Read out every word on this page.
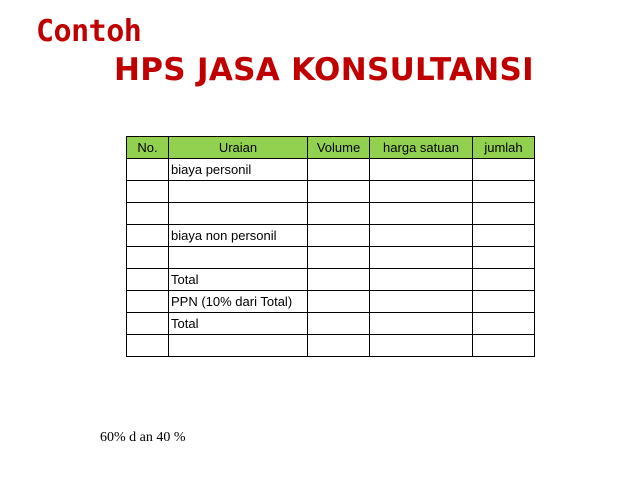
Contoh
HPS JASA KONSULTANSI
No.	Uraian	Volume	harga satuan	jumlah
	biaya personil			

	biaya non personil			

	Total			
	PPN (10% dari Total)			
	Total			

60% d an 40 %
